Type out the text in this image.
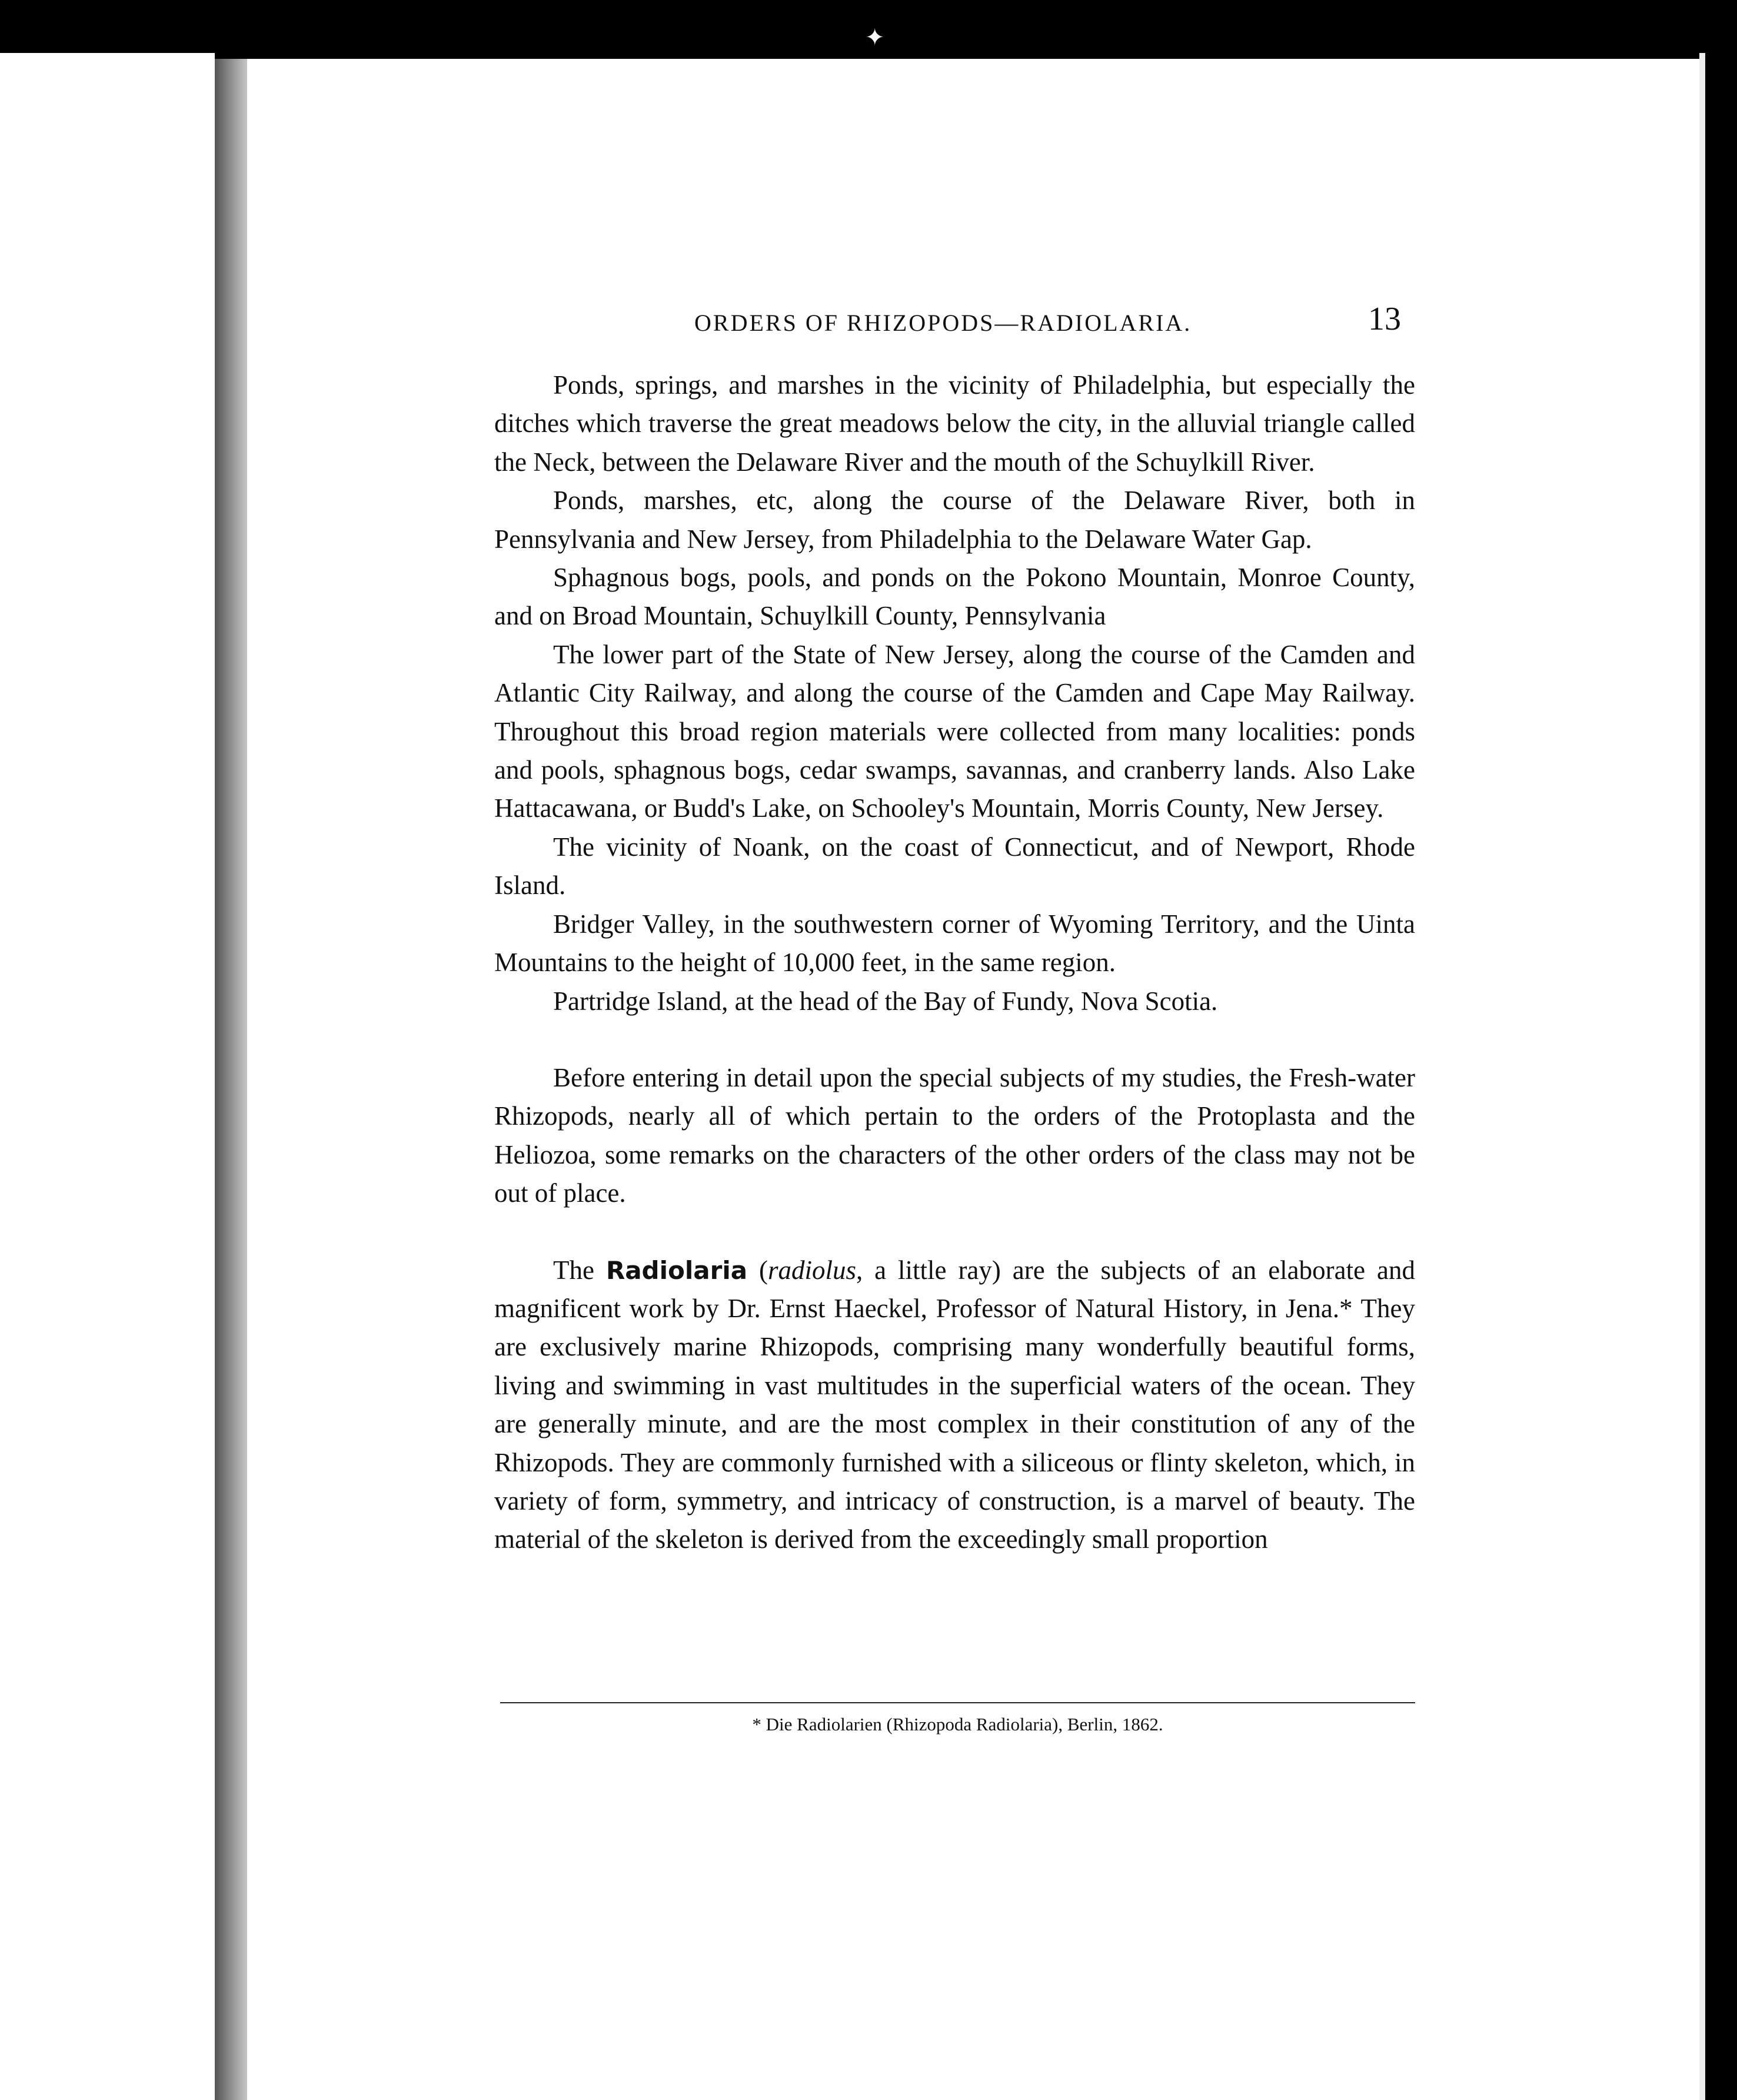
✦
ORDERS OF RHIZOPODS—RADIOLARIA.	13

Ponds, springs, and marshes in the vicinity of Philadelphia, but especially the ditches which traverse the great meadows below the city, in the alluvial triangle called the Neck, between the Delaware River and the mouth of the Schuylkill River.

Ponds, marshes, etc, along the course of the Delaware River, both in Pennsylvania and New Jersey, from Philadelphia to the Delaware Water Gap.

Sphagnous bogs, pools, and ponds on the Pokono Mountain, Monroe County, and on Broad Mountain, Schuylkill County, Pennsylvania

The lower part of the State of New Jersey, along the course of the Camden and Atlantic City Railway, and along the course of the Camden and Cape May Railway. Throughout this broad region materials were collected from many localities: ponds and pools, sphagnous bogs, cedar swamps, savannas, and cranberry lands. Also Lake Hattacawana, or Budd's Lake, on Schooley's Mountain, Morris County, New Jersey.

The vicinity of Noank, on the coast of Connecticut, and of Newport, Rhode Island.

Bridger Valley, in the southwestern corner of Wyoming Territory, and the Uinta Mountains to the height of 10,000 feet, in the same region.

Partridge Island, at the head of the Bay of Fundy, Nova Scotia.

Before entering in detail upon the special subjects of my studies, the Fresh-water Rhizopods, nearly all of which pertain to the orders of the Protoplasta and the Heliozoa, some remarks on the characters of the other orders of the class may not be out of place.

The Radiolaria (radiolus, a little ray) are the subjects of an elaborate and magnificent work by Dr. Ernst Haeckel, Professor of Natural History, in Jena.* They are exclusively marine Rhizopods, comprising many wonderfully beautiful forms, living and swimming in vast multitudes in the superficial waters of the ocean. They are generally minute, and are the most complex in their constitution of any of the Rhizopods. They are commonly furnished with a siliceous or flinty skeleton, which, in variety of form, symmetry, and intricacy of construction, is a marvel of beauty. The material of the skeleton is derived from the exceedingly small proportion

* Die Radiolarien (Rhizopoda Radiolaria), Berlin, 1862.
